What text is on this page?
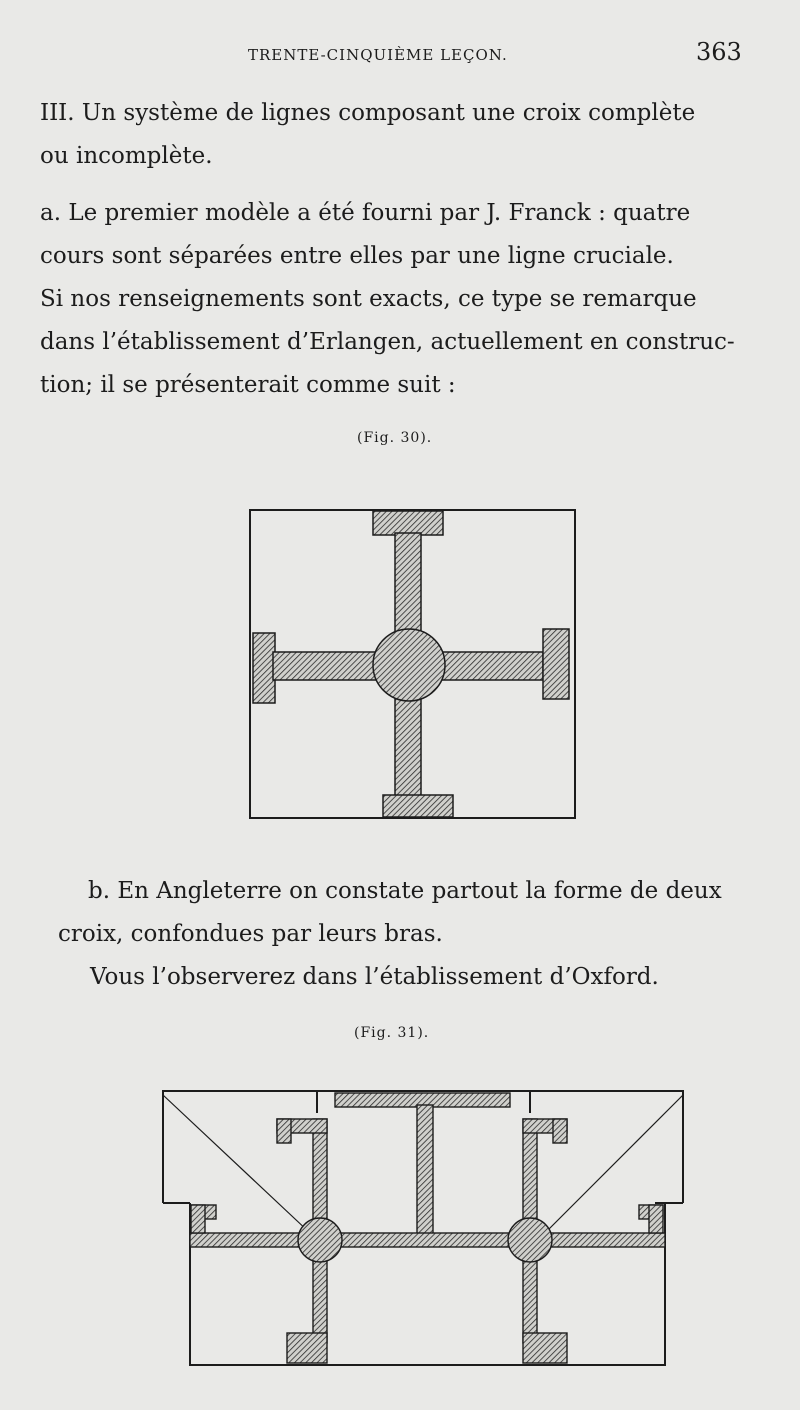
TRENTE-CINQUIÈME LEÇON.	363
III. Un système de lignes composant une croix complète
ou incomplète.
a. Le premier modèle a été fourni par J. Franck : quatre
cours sont séparées entre elles par une ligne cruciale.
Si nos renseignements sont exacts, ce type se remarque
dans l’établissement d’Erlangen, actuellement en construc-
tion; il se présenterait comme suit :
(Fig. 30).
b. En Angleterre on constate partout la forme de deux
croix, confondues par leurs bras.
Vous l’observerez dans l’établissement d’Oxford.
(Fig. 31).
